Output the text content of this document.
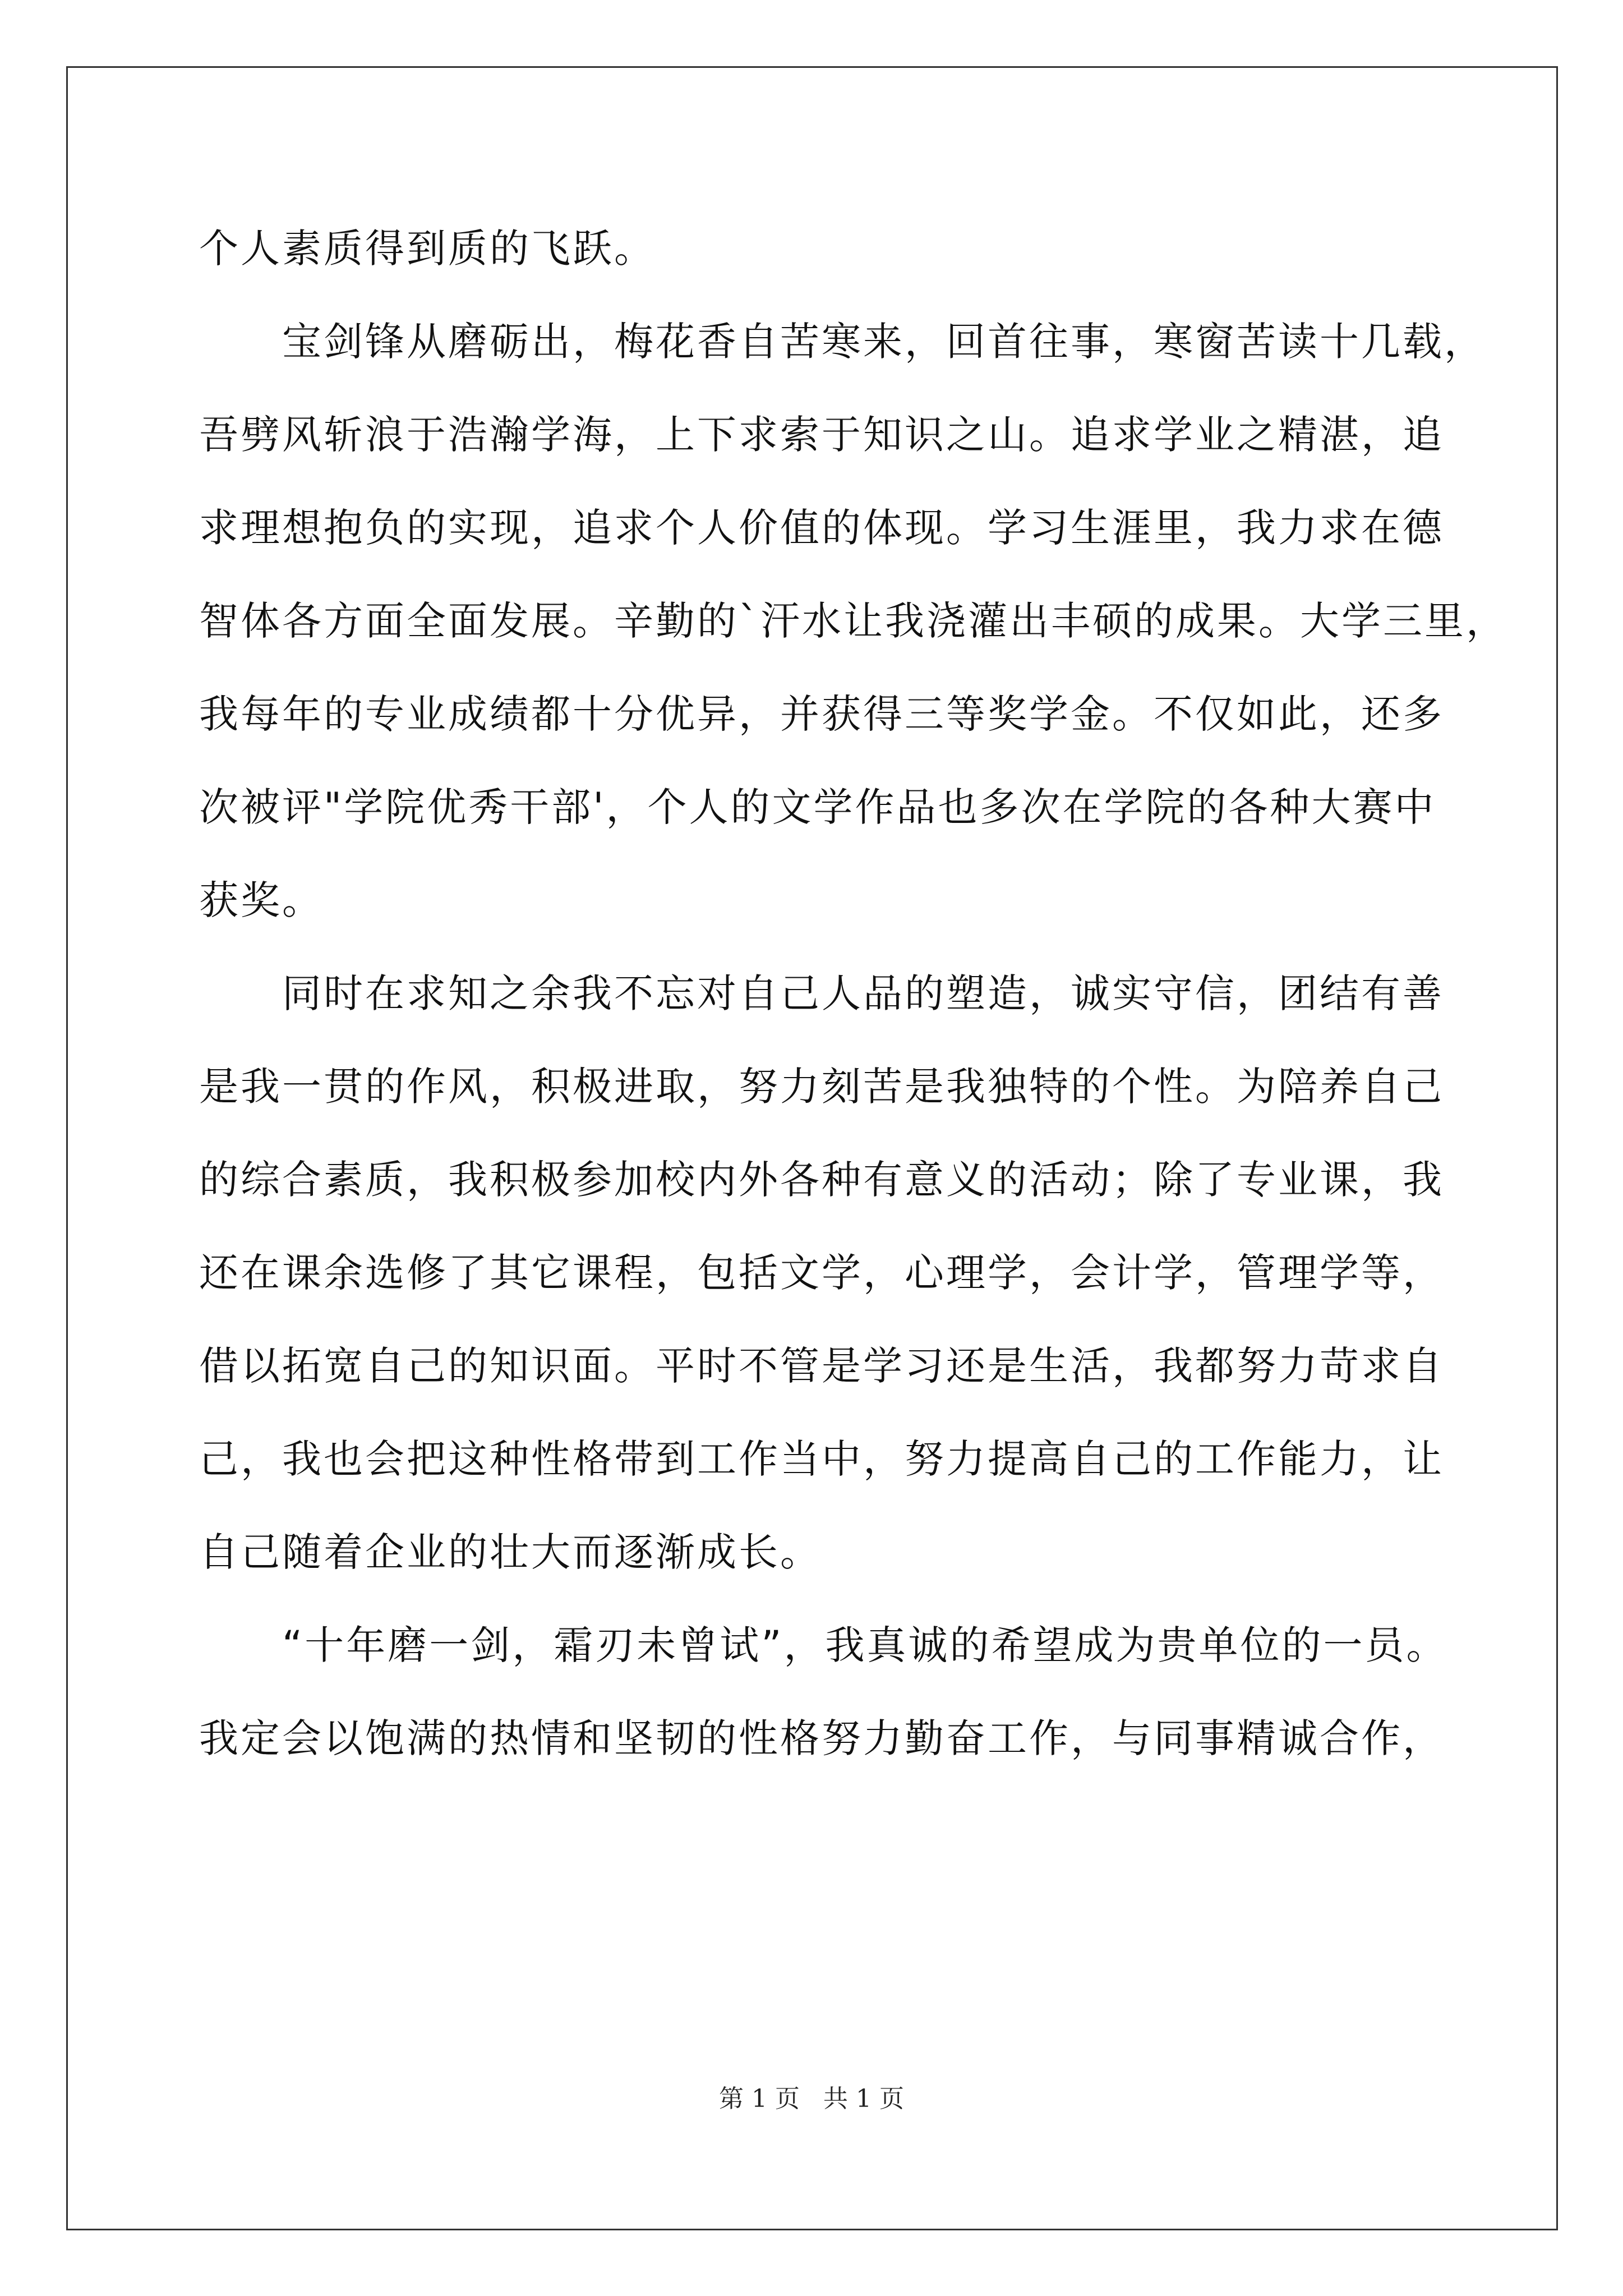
个人素质得到质的飞跃。
宝剑锋从磨砺出，梅花香自苦寒来，回首往事，寒窗苦读十几载，
吾劈风斩浪于浩瀚学海，上下求索于知识之山。追求学业之精湛，追
求理想抱负的实现，追求个人价值的体现。学习生涯里，我力求在德
智体各方面全面发展。辛勤的`汗水让我浇灌出丰硕的成果。大学三里，
我每年的专业成绩都十分优异，并获得三等奖学金。不仅如此，还多
次被评"学院优秀干部'，个人的文学作品也多次在学院的各种大赛中
获奖。
同时在求知之余我不忘对自己人品的塑造，诚实守信，团结有善
是我一贯的作风，积极进取，努力刻苦是我独特的个性。为陪养自己
的综合素质，我积极参加校内外各种有意义的活动；除了专业课，我
还在课余选修了其它课程，包括文学，心理学，会计学，管理学等，
借以拓宽自己的知识面。平时不管是学习还是生活，我都努力苛求自
己，我也会把这种性格带到工作当中，努力提高自己的工作能力，让
自己随着企业的壮大而逐渐成长。
“十年磨一剑，霜刃未曾试”，我真诚的希望成为贵单位的一员。
我定会以饱满的热情和坚韧的性格努力勤奋工作，与同事精诚合作，
第 1 页   共 1 页
